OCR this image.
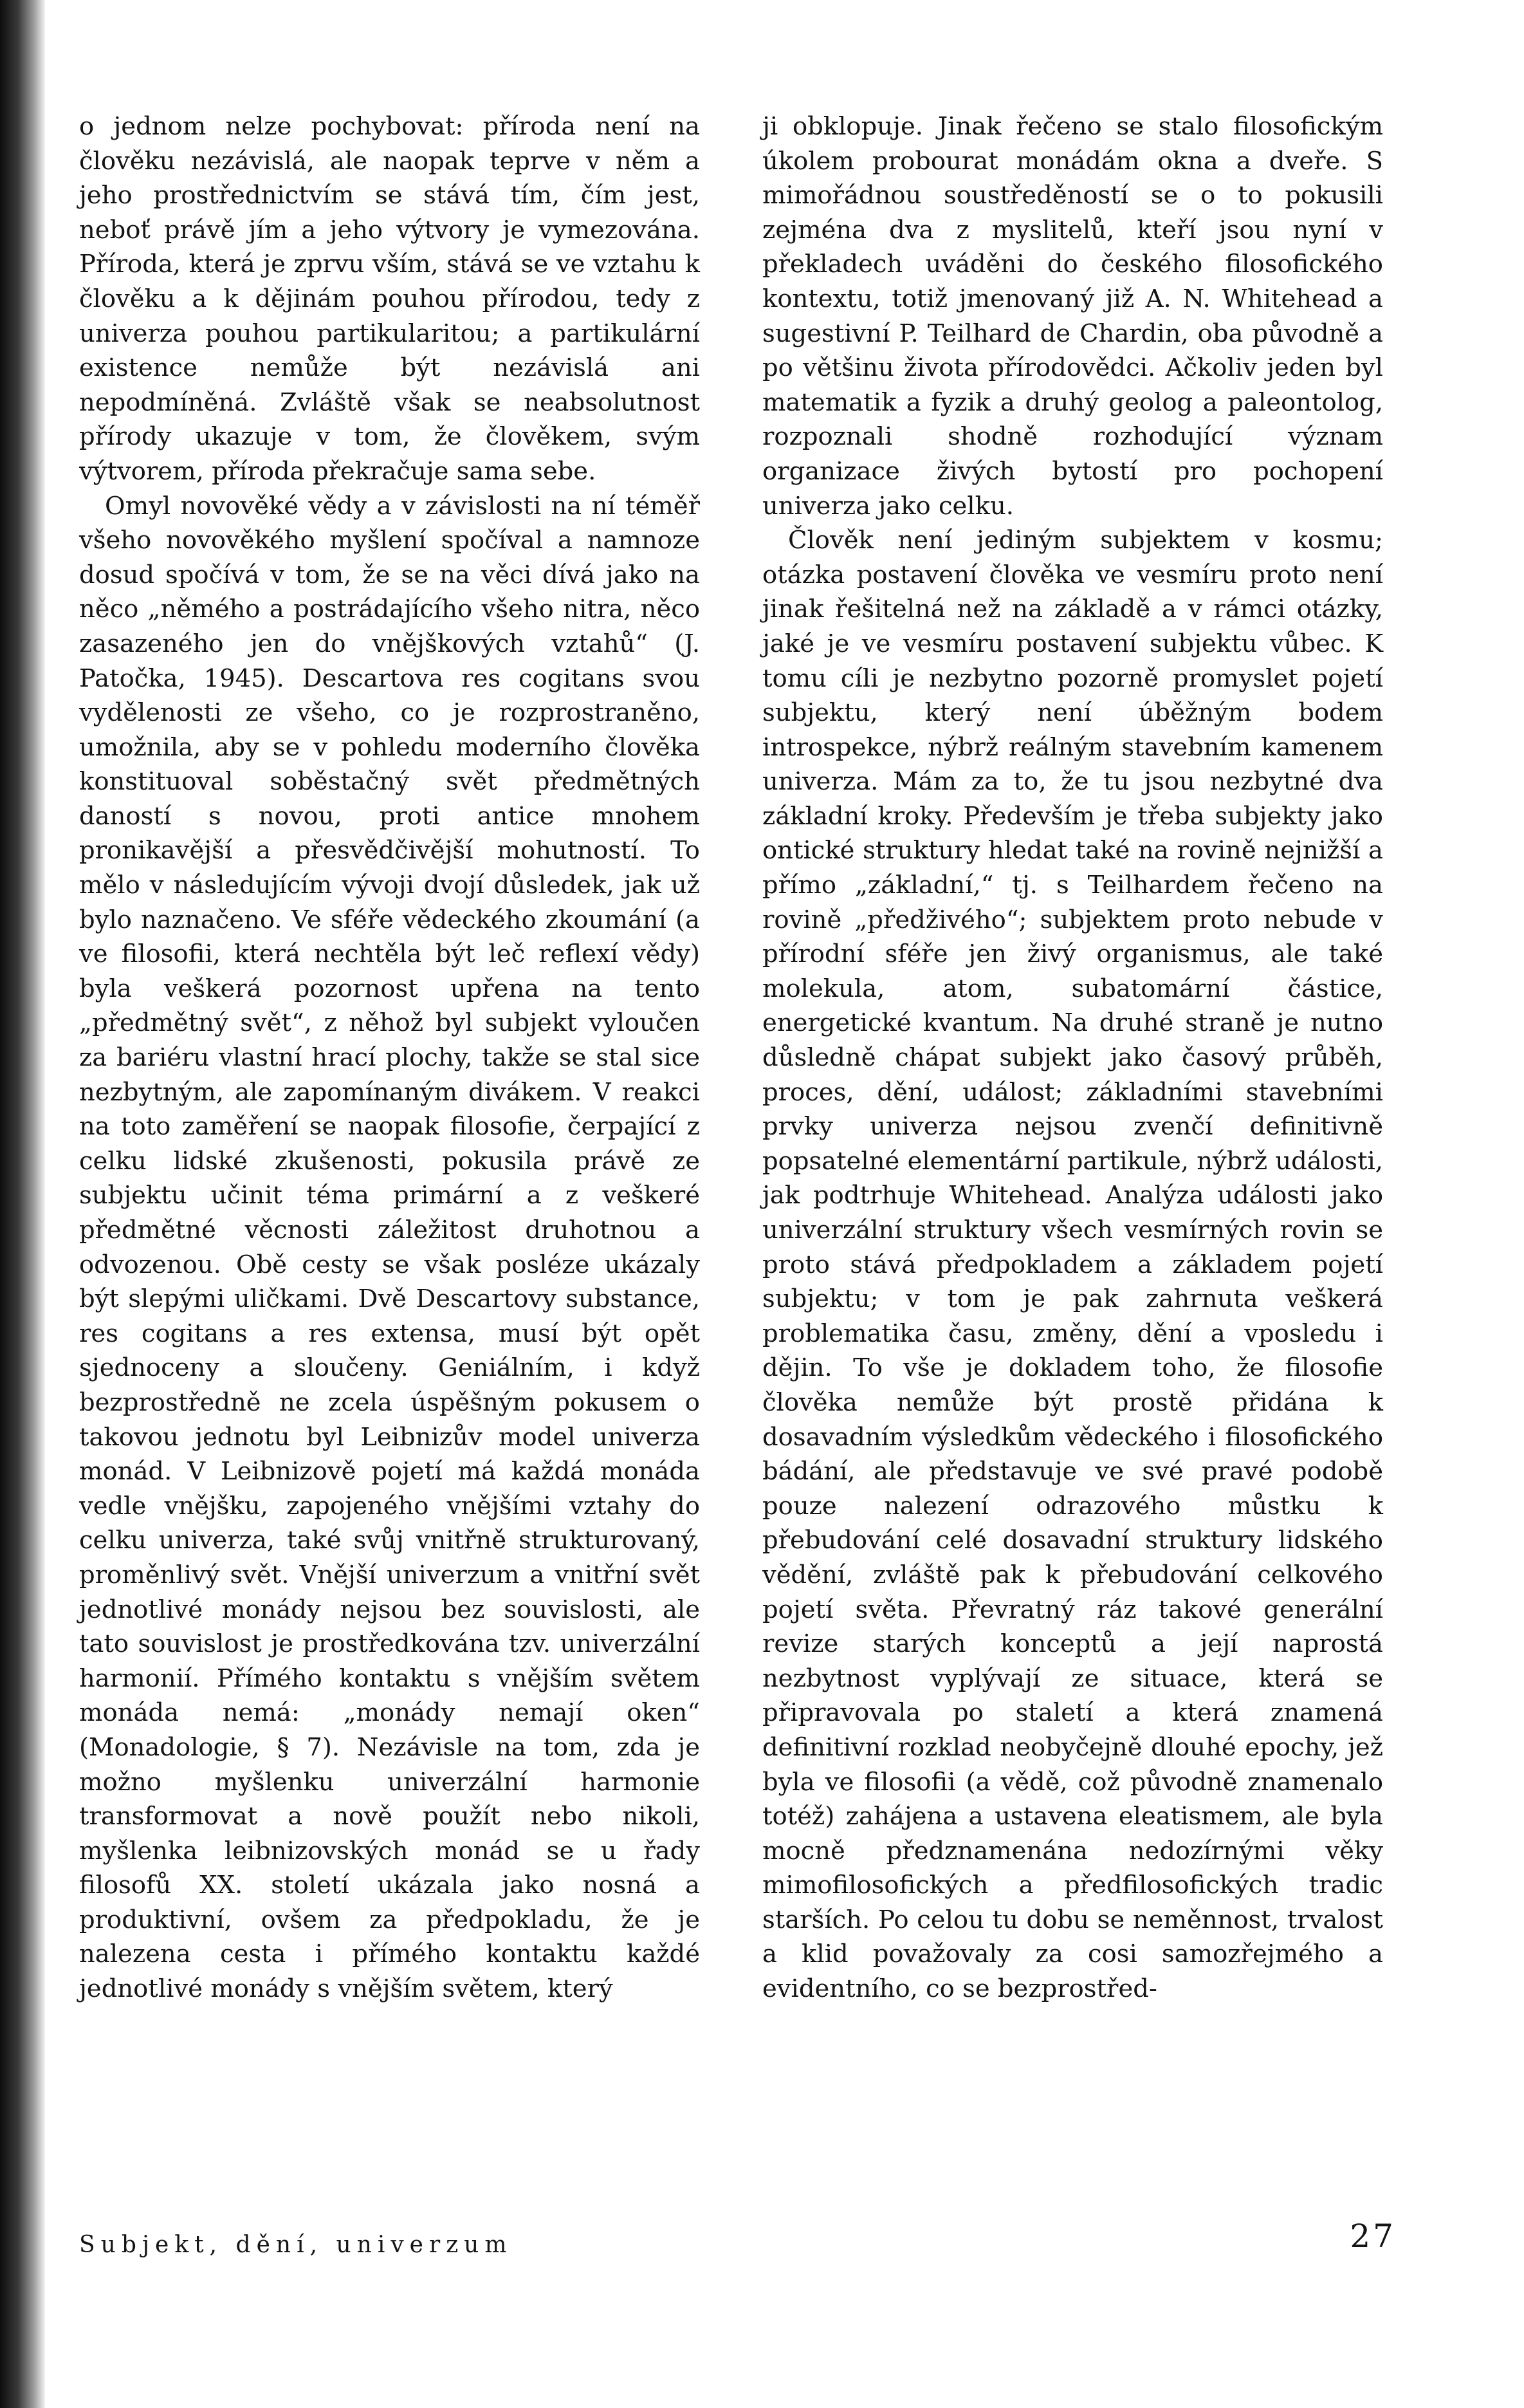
o jednom nelze pochybovat: příroda není na člověku nezávislá, ale naopak teprve v něm a jeho prostřednictvím se stává tím, čím jest, neboť právě jím a jeho výtvory je vymezována. Příroda, která je zprvu vším, stává se ve vztahu k člověku a k dějinám pouhou přírodou, tedy z univerza pouhou partikularitou; a partikulární existence nemůže být nezávislá ani nepodmíněná. Zvláště však se neabsolutnost přírody ukazuje v tom, že člověkem, svým výtvorem, příroda překračuje sama sebe.

Omyl novověké vědy a v závislosti na ní téměř všeho novověkého myšlení spočíval a namnoze dosud spočívá v tom, že se na věci dívá jako na něco „němého a postrádajícího všeho nitra, něco zasazeného jen do vnějškových vztahů“ (J. Patočka, 1945). Descartova res cogitans svou vydělenosti ze všeho, co je rozprostraněno, umožnila, aby se v pohledu moderního člověka konstituoval soběstačný svět předmětných daností s novou, proti antice mnohem pronikavější a přesvědčivější mohutností. To mělo v následujícím vývoji dvojí důsledek, jak už bylo naznačeno. Ve sféře vědeckého zkoumání (a ve filosofii, která nechtěla být leč reflexí vědy) byla veškerá pozornost upřena na tento „předmětný svět“, z něhož byl subjekt vyloučen za bariéru vlastní hrací plochy, takže se stal sice nezbytným, ale zapomínaným divákem. V reakci na toto zaměření se naopak filosofie, čerpající z celku lidské zkušenosti, pokusila právě ze subjektu učinit téma primární a z veškeré předmětné věcnosti záležitost druhotnou a odvozenou. Obě cesty se však posléze ukázaly být slepými uličkami. Dvě Descartovy substance, res cogitans a res extensa, musí být opět sjednoceny a sloučeny. Geniálním, i když bezprostředně ne zcela úspěšným pokusem o takovou jednotu byl Leibnizův model univerza monád. V Leibnizově pojetí má každá monáda vedle vnějšku, zapojeného vnějšími vztahy do celku univerza, také svůj vnitřně strukturovaný, proměnlivý svět. Vnější univerzum a vnitřní svět jednotlivé monády nejsou bez souvislosti, ale tato souvislost je prostředkována tzv. univerzální harmonií. Přímého kontaktu s vnějším světem monáda nemá: „monády nemají oken“ (Monadologie, § 7). Nezávisle na tom, zda je možno myšlenku univerzální harmonie transformovat a nově použít nebo nikoli, myšlenka leibnizovských monád se u řady filosofů XX. století ukázala jako nosná a produktivní, ovšem za předpokladu, že je nalezena cesta i přímého kontaktu každé jednotlivé monády s vnějším světem, který

ji obklopuje. Jinak řečeno se stalo filosofickým úkolem probourat monádám okna a dveře. S mimořádnou soustředěností se o to pokusili zejména dva z myslitelů, kteří jsou nyní v překladech uváděni do českého filosofického kontextu, totiž jmenovaný již A. N. Whitehead a sugestivní P. Teilhard de Chardin, oba původně a po většinu života přírodovědci. Ačkoliv jeden byl matematik a fyzik a druhý geolog a paleontolog, rozpoznali shodně rozhodující význam organizace živých bytostí pro pochopení univerza jako celku.

Člověk není jediným subjektem v kosmu; otázka postavení člověka ve vesmíru proto není jinak řešitelná než na základě a v rámci otázky, jaké je ve vesmíru postavení subjektu vůbec. K tomu cíli je nezbytno pozorně promyslet pojetí subjektu, který není úběžným bodem introspekce, nýbrž reálným stavebním kamenem univerza. Mám za to, že tu jsou nezbytné dva základní kroky. Především je třeba subjekty jako ontické struktury hledat také na rovině nejnižší a přímo „základní,“ tj. s Teilhardem řečeno na rovině „předživého“; subjektem proto nebude v přírodní sféře jen živý organismus, ale také molekula, atom, subatomární částice, energetické kvantum. Na druhé straně je nutno důsledně chápat subjekt jako časový průběh, proces, dění, událost; základními stavebními prvky univerza nejsou zvenčí definitivně popsatelné elementární partikule, nýbrž události, jak podtrhuje Whitehead. Analýza události jako univerzální struktury všech vesmírných rovin se proto stává předpokladem a základem pojetí subjektu; v tom je pak zahrnuta veškerá problematika času, změny, dění a vposledu i dějin. To vše je dokladem toho, že filosofie člověka nemůže být prostě přidána k dosavadním výsledkům vědeckého i filosofického bádání, ale představuje ve své pravé podobě pouze nalezení odrazového můstku k přebudování celé dosavadní struktury lidského vědění, zvláště pak k přebudování celkového pojetí světa. Převratný ráz takové generální revize starých konceptů a její naprostá nezbytnost vyplývají ze situace, která se připravovala po staletí a která znamená definitivní rozklad neobyčejně dlouhé epochy, jež byla ve filosofii (a vědě, což původně znamenalo totéž) zahájena a ustavena eleatismem, ale byla mocně předznamenána nedozírnými věky mimofilosofických a předfilosofických tradic starších. Po celou tu dobu se neměnnost, trvalost a klid považovaly za cosi samozřejmého a evidentního, co se bezprostřed-

Subjekt, dění, univerzum	27
